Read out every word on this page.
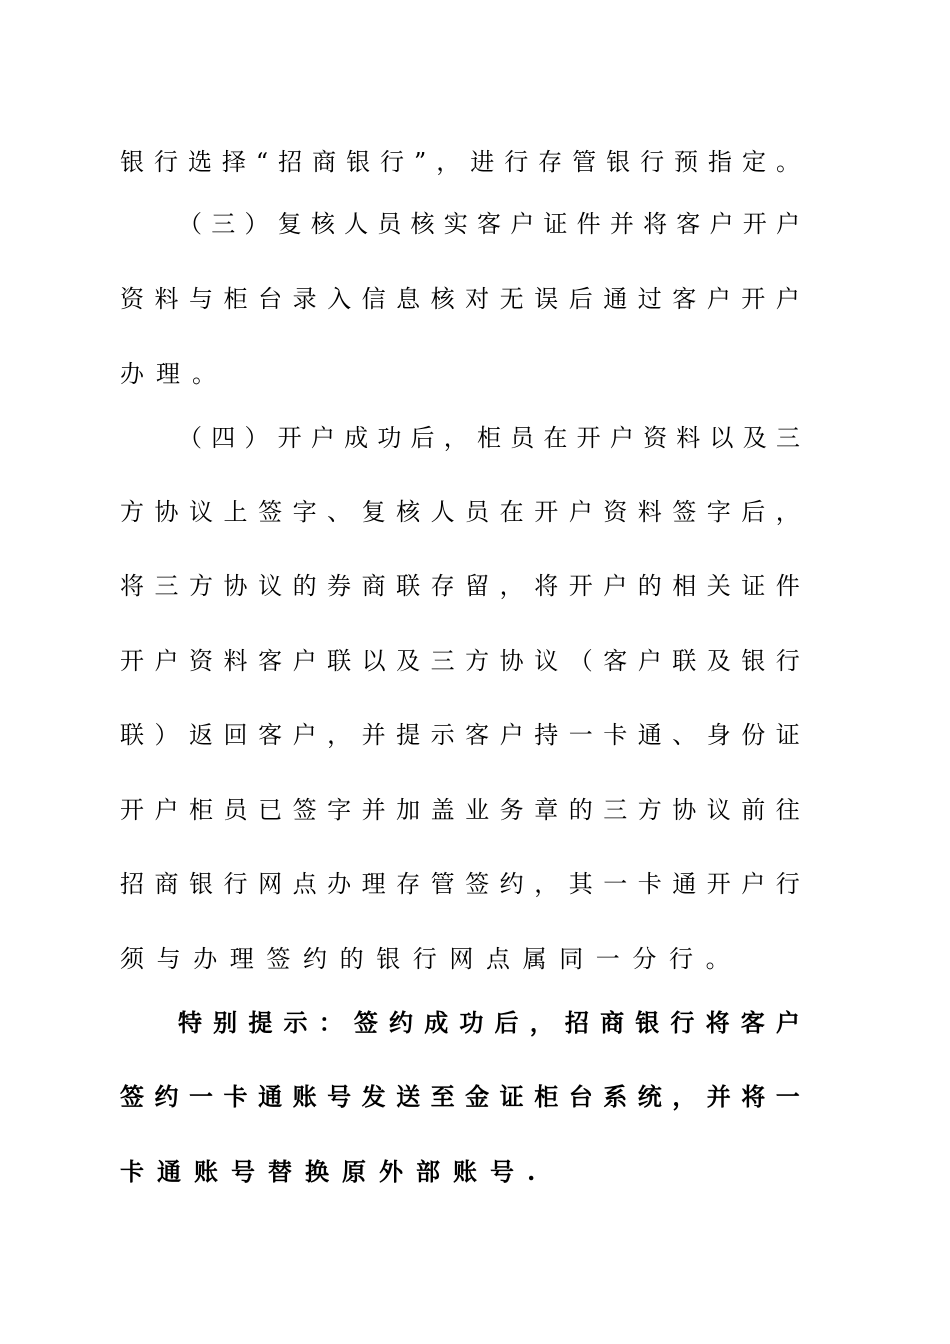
银 行 选 择 “ 招 商 银 行 ” ， 进 行 存 管 银 行 预 指 定 。
（ 三 ） 复 核 人 员 核 实 客 户 证 件 并 将 客 户 开 户
资 料 与 柜 台 录 入 信 息 核 对 无 误 后 通 过 客 户 开 户
办理。
（ 四 ） 开 户 成 功 后 ， 柜 员 在 开 户 资 料 以 及 三
方 协 议 上 签 字 、 复 核 人 员 在 开 户 资 料 签 字 后 ，
将 三 方 协 议 的 券 商 联 存 留 ， 将 开 户 的 相 关 证 件
开 户 资 料 客 户 联 以 及 三 方 协 议 （ 客 户 联 及 银 行
联 ） 返 回 客 户 ， 并 提 示 客 户 持 一 卡 通 、 身 份 证
开 户 柜 员 已 签 字 并 加 盖 业 务 章 的 三 方 协 议 前 往
招 商 银 行 网 点 办 理 存 管 签 约 ， 其 一 卡 通 开 户 行
须与办理签约的银行网点属同一分行。
特 别 提 示 ： 签 约 成 功 后 ， 招 商 银 行 将 客 户
签 约 一 卡 通 账 号 发 送 至 金 证 柜 台 系 统 ， 并 将 一
卡通账号替换原外部账号.
